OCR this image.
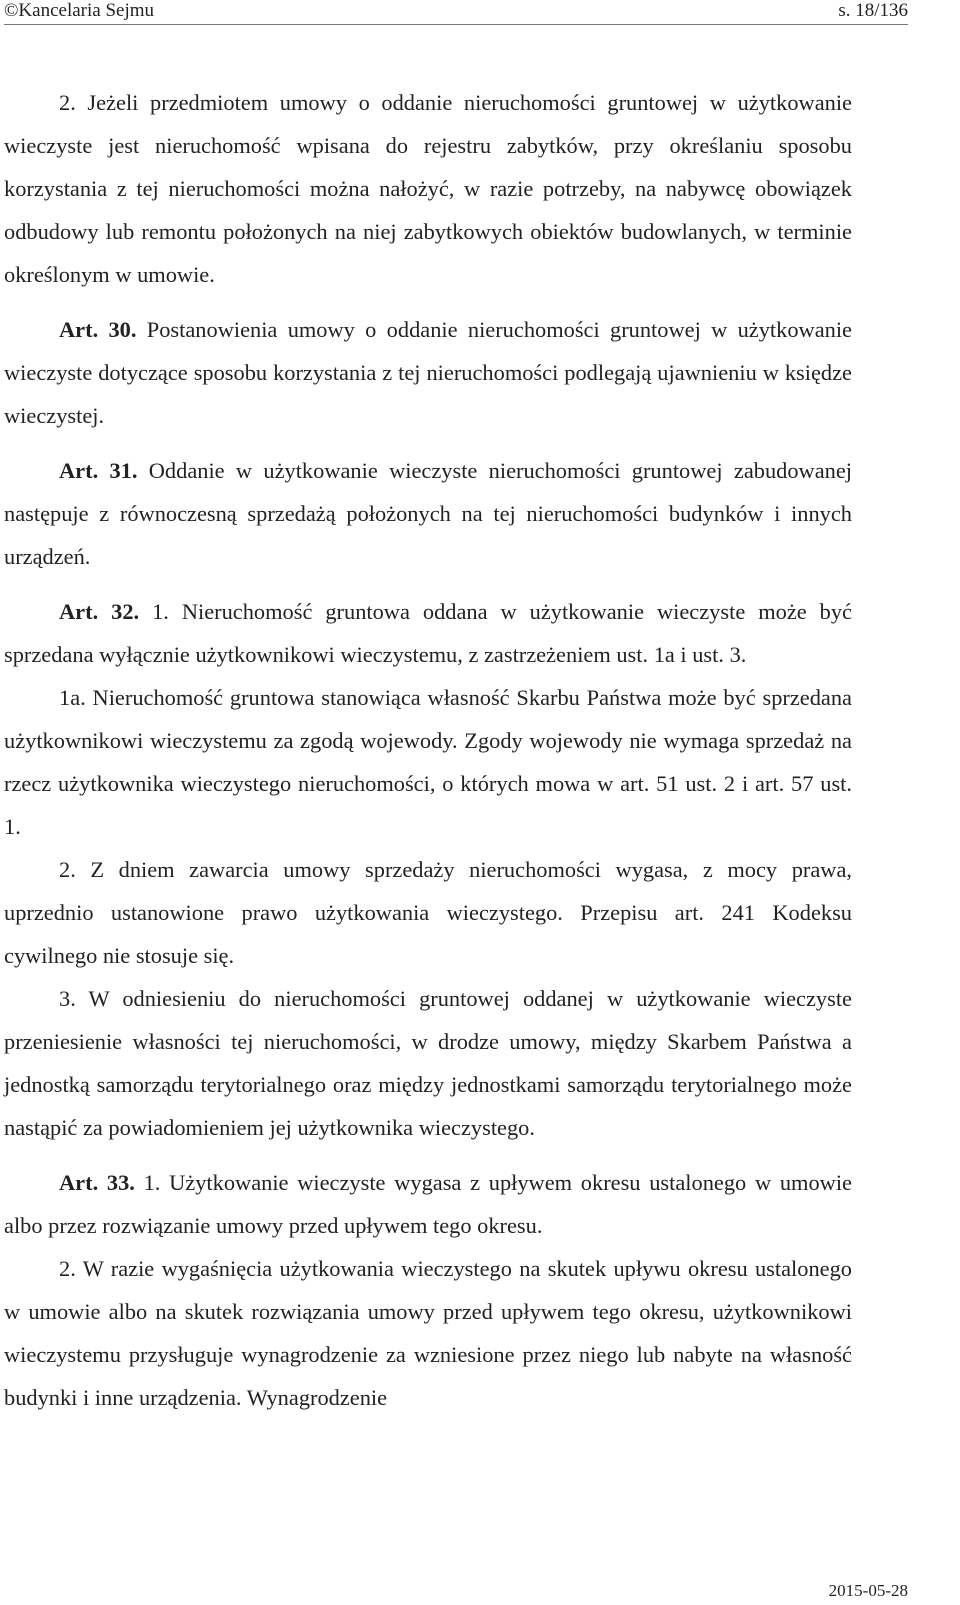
©Kancelaria Sejmu	s. 18/136

2. Jeżeli przedmiotem umowy o oddanie nieruchomości gruntowej w użytkowanie wieczyste jest nieruchomość wpisana do rejestru zabytków, przy określaniu sposobu korzystania z tej nieruchomości można nałożyć, w razie potrzeby, na nabywcę obowiązek odbudowy lub remontu położonych na niej zabytkowych obiektów budowlanych, w terminie określonym w umowie.

Art. 30. Postanowienia umowy o oddanie nieruchomości gruntowej w użytkowanie wieczyste dotyczące sposobu korzystania z tej nieruchomości podlegają ujawnieniu w księdze wieczystej.

Art. 31. Oddanie w użytkowanie wieczyste nieruchomości gruntowej zabudowanej następuje z równoczesną sprzedażą położonych na tej nieruchomości budynków i innych urządzeń.

Art. 32. 1. Nieruchomość gruntowa oddana w użytkowanie wieczyste może być sprzedana wyłącznie użytkownikowi wieczystemu, z zastrzeżeniem ust. 1a i ust. 3.

1a. Nieruchomość gruntowa stanowiąca własność Skarbu Państwa może być sprzedana użytkownikowi wieczystemu za zgodą wojewody. Zgody wojewody nie wymaga sprzedaż na rzecz użytkownika wieczystego nieruchomości, o których mowa w art. 51 ust. 2 i art. 57 ust. 1.

2. Z dniem zawarcia umowy sprzedaży nieruchomości wygasa, z mocy prawa, uprzednio ustanowione prawo użytkowania wieczystego. Przepisu art. 241 Kodeksu cywilnego nie stosuje się.

3. W odniesieniu do nieruchomości gruntowej oddanej w użytkowanie wieczyste przeniesienie własności tej nieruchomości, w drodze umowy, między Skarbem Państwa a jednostką samorządu terytorialnego oraz między jednostkami samorządu terytorialnego może nastąpić za powiadomieniem jej użytkownika wieczystego.

Art. 33. 1. Użytkowanie wieczyste wygasa z upływem okresu ustalonego w umowie albo przez rozwiązanie umowy przed upływem tego okresu.

2. W razie wygaśnięcia użytkowania wieczystego na skutek upływu okresu ustalonego w umowie albo na skutek rozwiązania umowy przed upływem tego okresu, użytkownikowi wieczystemu przysługuje wynagrodzenie za wzniesione przez niego lub nabyte na własność budynki i inne urządzenia. Wynagrodzenie

2015-05-28
